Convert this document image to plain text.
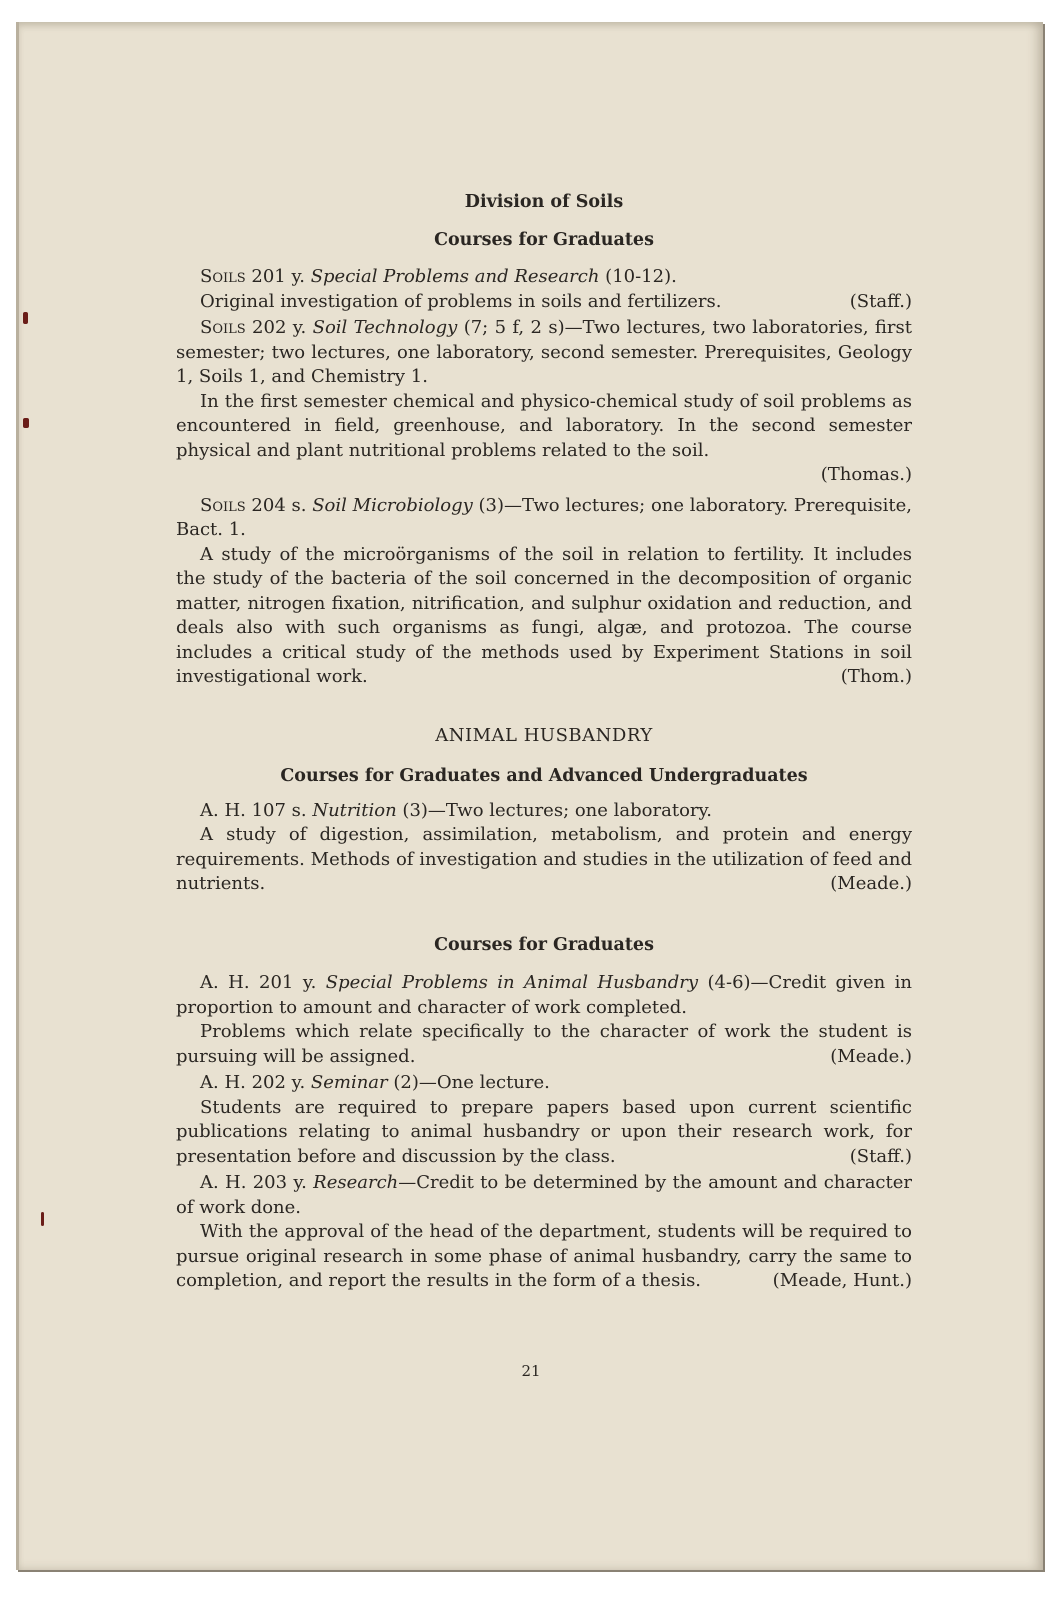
Division of Soils
Courses for Graduates

Soils 201 y. Special Problems and Research (10-12).

Original investigation of problems in soils and fertilizers.	(Staff.)

Soils 202 y. Soil Technology (7; 5 f, 2 s)—Two lectures, two laboratories, first semester; two lectures, one laboratory, second semester. Prerequisites, Geology 1, Soils 1, and Chemistry 1.

In the first semester chemical and physico-chemical study of soil problems as encountered in field, greenhouse, and laboratory. In the second semester physical and plant nutritional problems related to the soil.

(Thomas.)

Soils 204 s. Soil Microbiology (3)—Two lectures; one laboratory. Prerequisite, Bact. 1.

A study of the microörganisms of the soil in relation to fertility. It includes the study of the bacteria of the soil concerned in the decomposition of organic matter, nitrogen fixation, nitrification, and sulphur oxidation and reduction, and deals also with such organisms as fungi, algæ, and protozoa. The course includes a critical study of the methods used by Experiment Stations in soil investigational work.	(Thom.)

ANIMAL HUSBANDRY
Courses for Graduates and Advanced Undergraduates

A. H. 107 s. Nutrition (3)—Two lectures; one laboratory.

A study of digestion, assimilation, metabolism, and protein and energy requirements. Methods of investigation and studies in the utilization of feed and nutrients.	(Meade.)

Courses for Graduates

A. H. 201 y. Special Problems in Animal Husbandry (4-6)—Credit given in proportion to amount and character of work completed.

Problems which relate specifically to the character of work the student is pursuing will be assigned.	(Meade.)

A. H. 202 y. Seminar (2)—One lecture.

Students are required to prepare papers based upon current scientific publications relating to animal husbandry or upon their research work, for presentation before and discussion by the class.	(Staff.)

A. H. 203 y. Research—Credit to be determined by the amount and character of work done.

With the approval of the head of the department, students will be required to pursue original research in some phase of animal husbandry, carry the same to completion, and report the results in the form of a thesis.	(Meade, Hunt.)

21
